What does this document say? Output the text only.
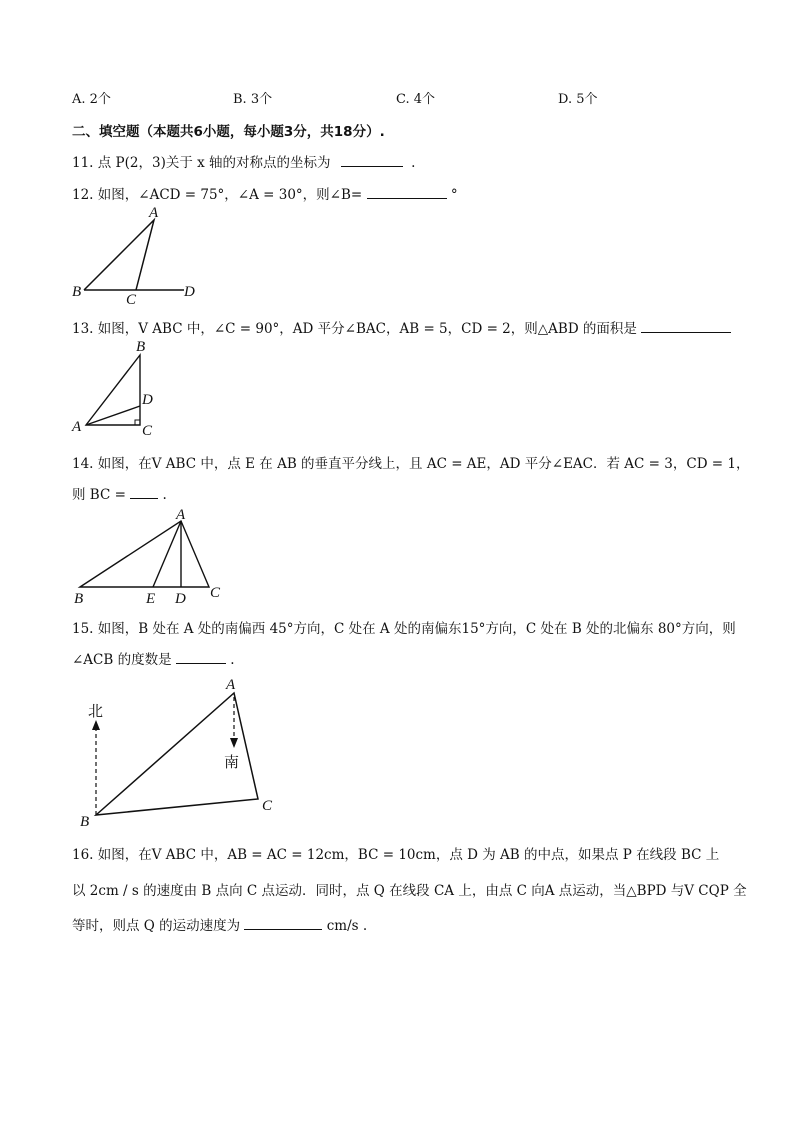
A. 2个	B. 3个	C. 4个	D. 5个
二、填空题（本题共6小题，每小题3分，共18分）.
11. 点 P(2，3)关于 x 轴的对称点的坐标为	.
12. 如图，∠ACD = 75°，∠A = 30°，则∠B=	°
A
B	C	D
13. 如图，V ABC 中，∠C = 90°，AD 平分∠BAC，AB = 5，CD = 2，则△ABD 的面积是
B
D
A	C
14. 如图，在V ABC 中，点 E 在 AB 的垂直平分线上，且 AC = AE，AD 平分∠EAC．若 AC = 3，CD = 1，
则 BC =	.
A
B	E D C
15. 如图，B 处在 A 处的南偏西 45°方向，C 处在 A 处的南偏东15°方向，C 处在 B 处的北偏东 80°方向，则
∠ACB 的度数是	.
北
南
A
B
C
16. 如图，在V ABC 中，AB = AC = 12cm，BC = 10cm，点 D 为 AB 的中点，如果点 P 在线段 BC 上
以 2cm / s 的速度由 B 点向 C 点运动．同时，点 Q 在线段 CA 上，由点 C 向A 点运动，当△BPD 与V CQP 全
等时，则点 Q 的运动速度为	cm/s .
